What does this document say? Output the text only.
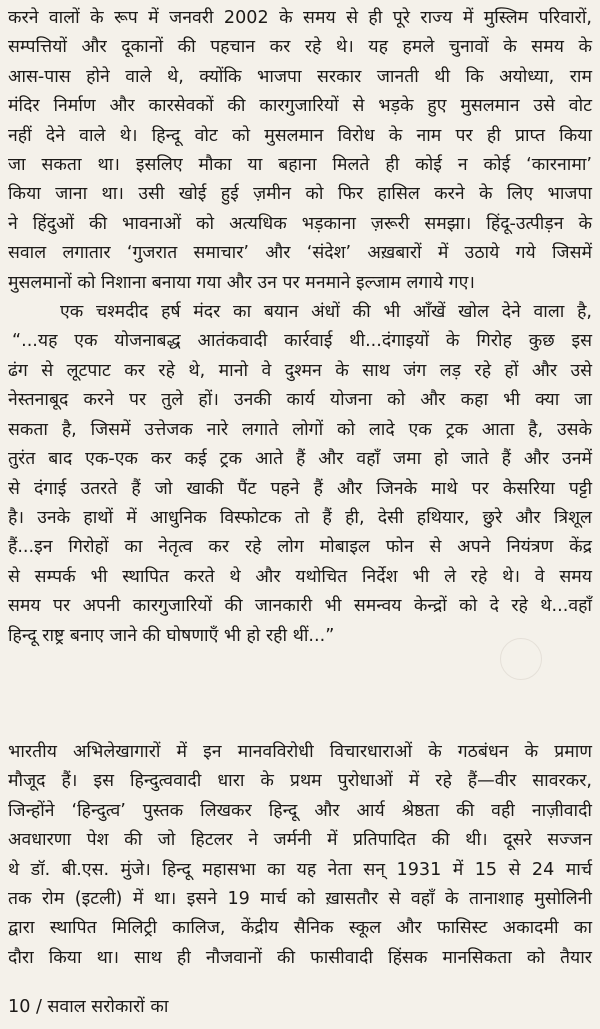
करने वालों के रूप में जनवरी 2002 के समय से ही पूरे राज्य में मुस्लिम परिवारों,

सम्पत्तियों और दूकानों की पहचान कर रहे थे। यह हमले चुनावों के समय के

आस-पास होने वाले थे, क्योंकि भाजपा सरकार जानती थी कि अयोध्या, राम

मंदिर निर्माण और कारसेवकों की कारगुजारियों से भड़के हुए मुसलमान उसे वोट

नहीं देने वाले थे। हिन्दू वोट को मुसलमान विरोध के नाम पर ही प्राप्त किया

जा सकता था। इसलिए मौका या बहाना मिलते ही कोई न कोई ‘कारनामा’

किया जाना था। उसी खोई हुई ज़मीन को फिर हासिल करने के लिए भाजपा

ने हिंदुओं की भावनाओं को अत्यधिक भड़काना ज़रूरी समझा। हिंदू-उत्पीड़न के

सवाल लगातार ‘गुजरात समाचार’ और ‘संदेश’ अख़बारों में उठाये गये जिसमें

मुसलमानों को निशाना बनाया गया और उन पर मनमाने इल्जाम लगाये गए।

एक चश्मदीद हर्ष मंदर का बयान अंधों की भी आँखें खोल देने वाला है,

“...यह एक योजनाबद्ध आतंकवादी कार्रवाई थी...दंगाइयों के गिरोह कुछ इस

ढंग से लूटपाट कर रहे थे, मानो वे दुश्मन के साथ जंग लड़ रहे हों और उसे

नेस्तनाबूद करने पर तुले हों। उनकी कार्य योजना को और कहा भी क्या जा

सकता है, जिसमें उत्तेजक नारे लगाते लोगों को लादे एक ट्रक आता है, उसके

तुरंत बाद एक-एक कर कई ट्रक आते हैं और वहाँ जमा हो जाते हैं और उनमें

से दंगाई उतरते हैं जो खाकी पैंट पहने हैं और जिनके माथे पर केसरिया पट्टी

है। उनके हाथों में आधुनिक विस्फोटक तो हैं ही, देसी हथियार, छुरे और त्रिशूल

हैं...इन गिरोहों का नेतृत्व कर रहे लोग मोबाइल फोन से अपने नियंत्रण केंद्र

से सम्पर्क भी स्थापित करते थे और यथोचित निर्देश भी ले रहे थे। वे समय

समय पर अपनी कारगुजारियों की जानकारी भी समन्वय केन्द्रों को दे रहे थे...वहाँ

हिन्दू राष्ट्र बनाए जाने की घोषणाएँ भी हो रही थीं...”

भारतीय अभिलेखागारों में इन मानवविरोधी विचारधाराओं के गठबंधन के प्रमाण

मौजूद हैं। इस हिन्दुत्ववादी धारा के प्रथम पुरोधाओं में रहे हैं—वीर सावरकर,

जिन्होंने ‘हिन्दुत्व’ पुस्तक लिखकर हिन्दू और आर्य श्रेष्ठता की वही नाज़ीवादी

अवधारणा पेश की जो हिटलर ने जर्मनी में प्रतिपादित की थी। दूसरे सज्जन

थे डॉ. बी.एस. मुंजे। हिन्दू महासभा का यह नेता सन् 1931 में 15 से 24 मार्च

तक रोम (इटली) में था। इसने 19 मार्च को ख़ासतौर से वहाँ के तानाशाह मुसोलिनी

द्वारा स्थापित मिलिट्री कालिज, केंद्रीय सैनिक स्कूल और फासिस्ट अकादमी का

दौरा किया था। साथ ही नौजवानों की फासीवादी हिंसक मानसिकता को तैयार

10 / सवाल सरोकारों का
